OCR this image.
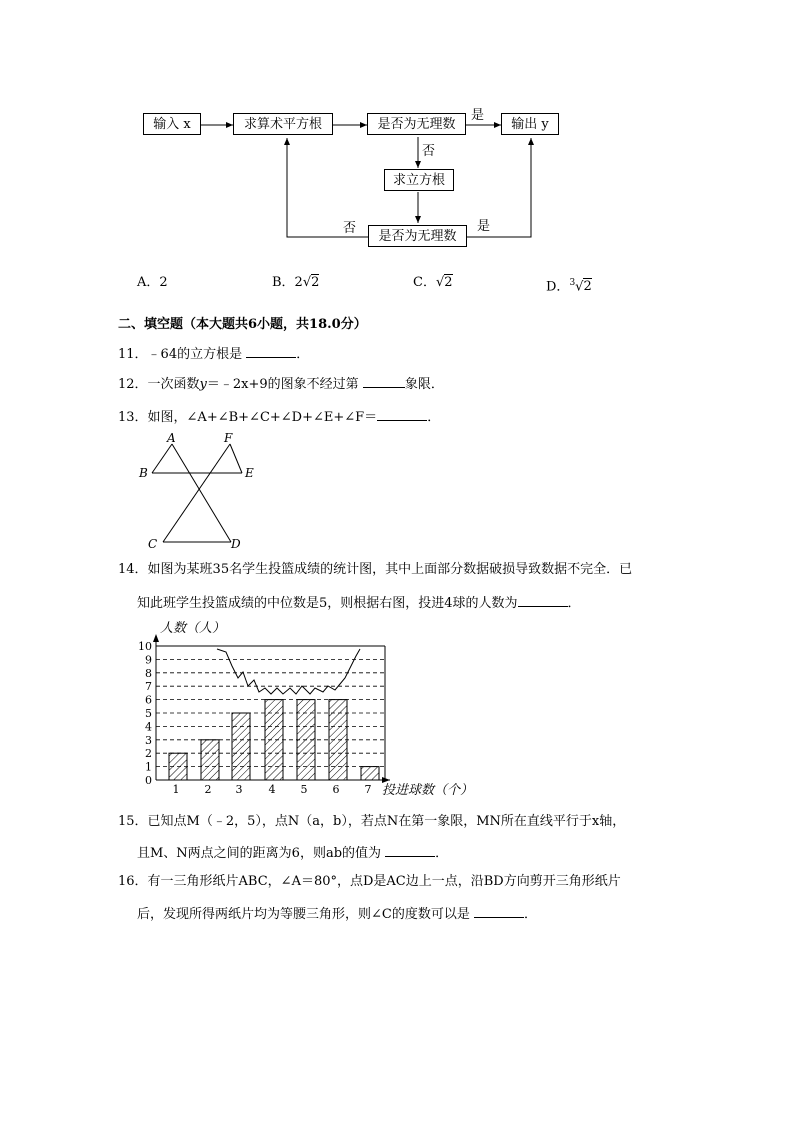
输入 x	求算术平方根	是否为无理数	输出 y
求立方根
是否为无理数
是
否
否	是
A．2	B．2√2	C．√2	D．$^3$√2
二、填空题（本大题共6小题，共18.0分）
11．﹣64的立方根是	．
12．一次函数y＝﹣2x+9的图象不经过第	象限．
13．如图，∠A+∠B+∠C+∠D+∠E+∠F＝	．
A	F
B	E
C	D
14．如图为某班35名学生投篮成绩的统计图，其中上面部分数据破损导致数据不完全．已
知此班学生投篮成绩的中位数是5，则根据右图，投进4球的人数为	．
0
1
2
3
4
5
6
7
8
9
10
1 2 3 4 5 6 7
人数（人）
投进球数（个）
15．已知点M（﹣2，5），点N（a，b），若点N在第一象限，MN所在直线平行于x轴，
且M、N两点之间的距离为6，则ab的值为	．
16．有一三角形纸片ABC，∠A＝80°，点D是AC边上一点，沿BD方向剪开三角形纸片
后，发现所得两纸片均为等腰三角形，则∠C的度数可以是	．
